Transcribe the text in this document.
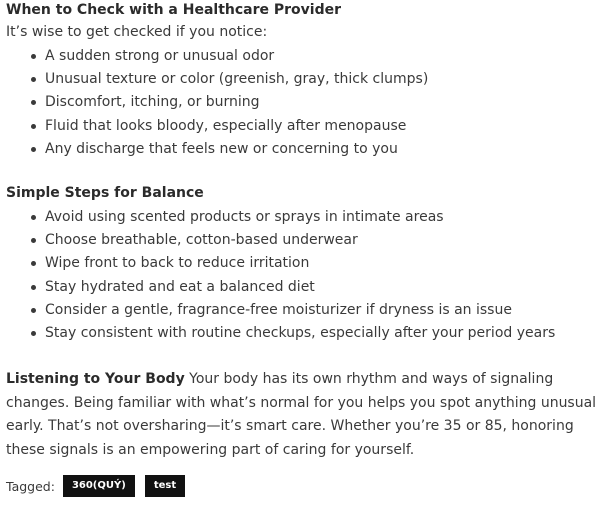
When to Check with a Healthcare Provider
It’s wise to get checked if you notice:
A sudden strong or unusual odor
Unusual texture or color (greenish, gray, thick clumps)
Discomfort, itching, or burning
Fluid that looks bloody, especially after menopause
Any discharge that feels new or concerning to you
Simple Steps for Balance
Avoid using scented products or sprays in intimate areas
Choose breathable, cotton-based underwear
Wipe front to back to reduce irritation
Stay hydrated and eat a balanced diet
Consider a gentle, fragrance-free moisturizer if dryness is an issue
Stay consistent with routine checkups, especially after your period years

Listening to Your Body Your body has its own rhythm and ways of signaling changes. Being familiar with what’s normal for you helps you spot anything unusual early. That’s not oversharing—it’s smart care. Whether you’re 35 or 85, honoring these signals is an empowering part of caring for yourself.

Tagged:	360(QUÝ)	test
